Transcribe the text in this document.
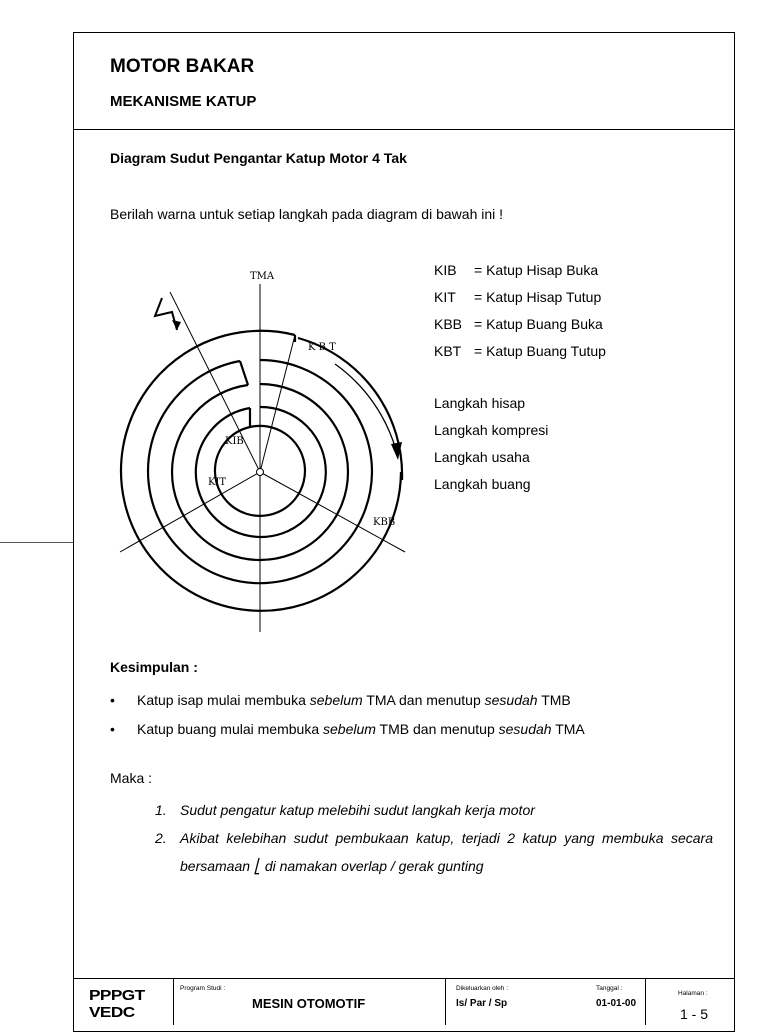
MOTOR BAKAR
MEKANISME KATUP
Diagram Sudut Pengantar Katup Motor 4 Tak
Berilah warna untuk setiap langkah pada diagram di bawah ini !
TMA
K B T
KIB
KIT
KBB
KIB	= Katup Hisap Buka
KIT	= Katup Hisap Tutup
KBB = Katup Buang Buka
KBT = Katup Buang Tutup
Langkah hisap
Langkah kompresi
Langkah usaha
Langkah buang
Kesimpulan :
•	Katup isap mulai membuka sebelum TMA dan menutup sesudah TMB
•	Katup buang mulai membuka sebelum TMB dan menutup sesudah TMA
Maka :
1. Sudut pengatur katup melebihi sudut langkah kerja motor
2. Akibat kelebihan sudut pembukaan katup, terjadi 2 katup yang membuka secara bersamaan ⎣ di namakan overlap / gerak gunting
PPPGT
VEDC
Program Studi :
MESIN OTOMOTIF
Dikeluarkan oleh :
Is/ Par / Sp
Tanggal :
01-01-00
Halaman :
1 - 5
